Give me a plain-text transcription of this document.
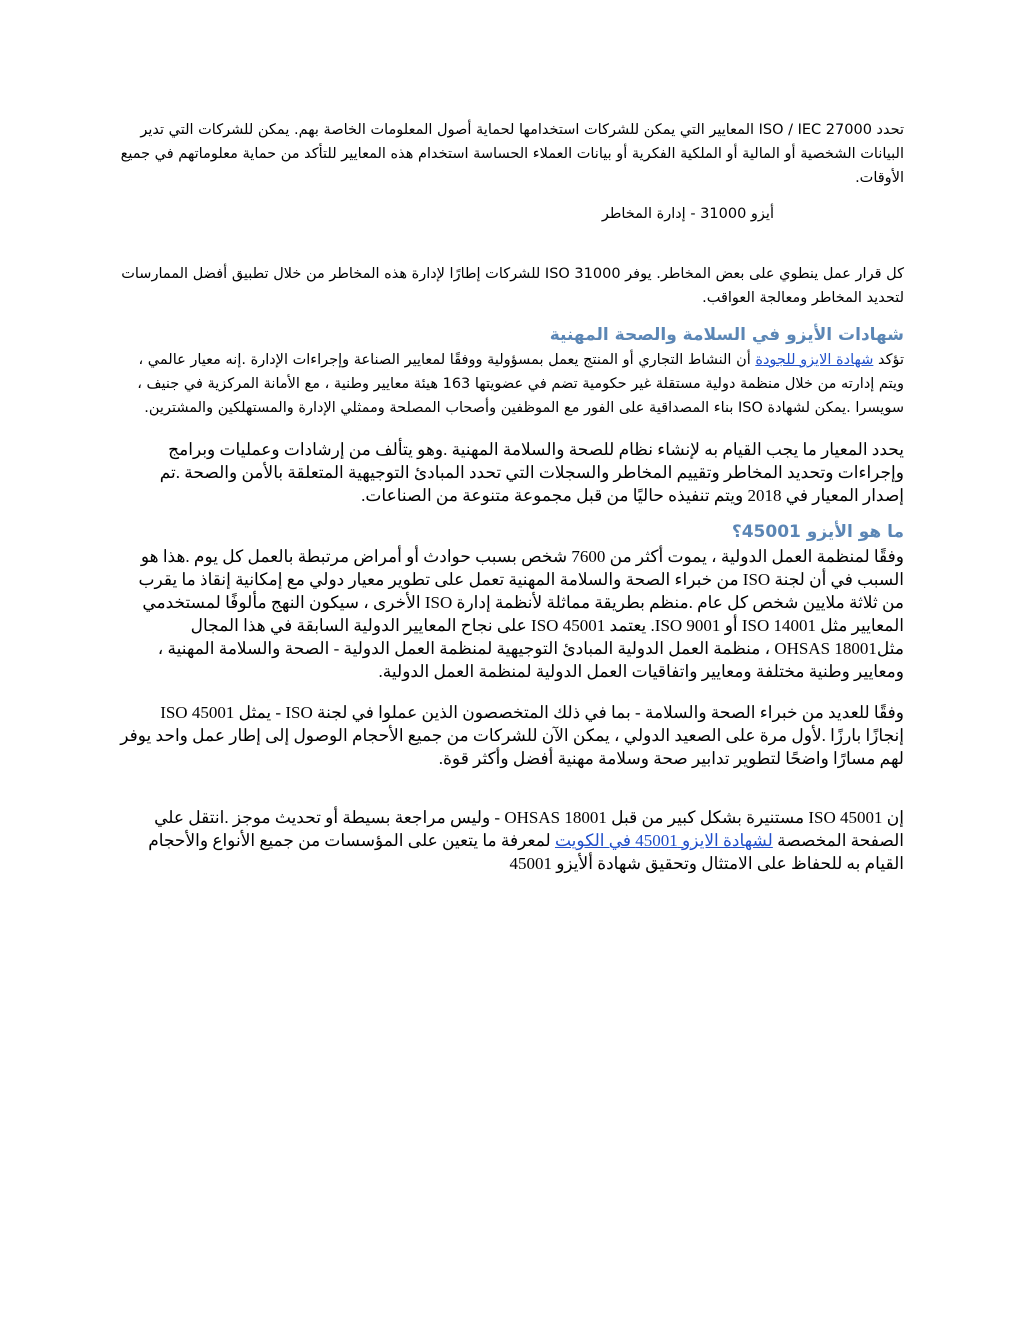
تحدد ISO / IEC 27000 المعايير التي يمكن للشركات استخدامها لحماية أصول المعلومات الخاصة بهم. يمكن للشركات التي تدير البيانات الشخصية أو المالية أو الملكية الفكرية أو بيانات العملاء الحساسة استخدام هذه المعايير للتأكد من حماية معلوماتهم في جميع الأوقات.

أيزو 31000 - إدارة المخاطر

كل قرار عمل ينطوي على بعض المخاطر. يوفر ISO 31000 للشركات إطارًا لإدارة هذه المخاطر من خلال تطبيق أفضل الممارسات لتحديد المخاطر ومعالجة العواقب.

شهادات الأيزو في السلامة والصحة المهنية

تؤكد شهادة الايزو للجودة أن النشاط التجاري أو المنتج يعمل بمسؤولية ووفقًا لمعايير الصناعة وإجراءات الإدارة .إنه معيار عالمي ، ويتم إدارته من خلال منظمة دولية مستقلة غير حكومية تضم في عضويتها 163 هيئة معايير وطنية ، مع الأمانة المركزية في جنيف ، سويسرا .يمكن لشهادة ISO بناء المصداقية على الفور مع الموظفين وأصحاب المصلحة وممثلي الإدارة والمستهلكين والمشترين.

يحدد المعيار ما يجب القيام به لإنشاء نظام للصحة والسلامة المهنية .وهو يتألف من إرشادات وعمليات وبرامج وإجراءات وتحديد المخاطر وتقييم المخاطر والسجلات التي تحدد المبادئ التوجيهية المتعلقة بالأمن والصحة .تم إصدار المعيار في 2018 ويتم تنفيذه حاليًا من قبل مجموعة متنوعة من الصناعات.

ما هو الأيزو 45001؟

وفقًا لمنظمة العمل الدولية ، يموت أكثر من 7600 شخص بسبب حوادث أو أمراض مرتبطة بالعمل كل يوم .هذا هو السبب في أن لجنة ISO من خبراء الصحة والسلامة المهنية تعمل على تطوير معيار دولي مع إمكانية إنقاذ ما يقرب من ثلاثة ملايين شخص كل عام .منظم بطريقة مماثلة لأنظمة إدارة ISO الأخرى ، سيكون النهج مألوفًا لمستخدمي المعايير مثل ISO 14001 أو ISO 9001. يعتمد ISO 45001 على نجاح المعايير الدولية السابقة في هذا المجال مثلOHSAS 18001 ، منظمة العمل الدولية المبادئ التوجيهية لمنظمة العمل الدولية - الصحة والسلامة المهنية ، ومعايير وطنية مختلفة ومعايير واتفاقيات العمل الدولية لمنظمة العمل الدولية.

وفقًا للعديد من خبراء الصحة والسلامة - بما في ذلك المتخصصون الذين عملوا في لجنة ISO - يمثل ISO 45001 إنجازًا بارزًا .لأول مرة على الصعيد الدولي ، يمكن الآن للشركات من جميع الأحجام الوصول إلى إطار عمل واحد يوفر لهم مسارًا واضحًا لتطوير تدابير صحة وسلامة مهنية أفضل وأكثر قوة.

إن ISO 45001 مستنيرة بشكل كبير من قبل OHSAS 18001 - وليس مراجعة بسيطة أو تحديث موجز .انتقل علي الصفحة المخصصة لشهادة الايزو 45001 في الكويت لمعرفة ما يتعين على المؤسسات من جميع الأنواع والأحجام القيام به للحفاظ على الامتثال وتحقيق شهادة ألأيزو 45001
